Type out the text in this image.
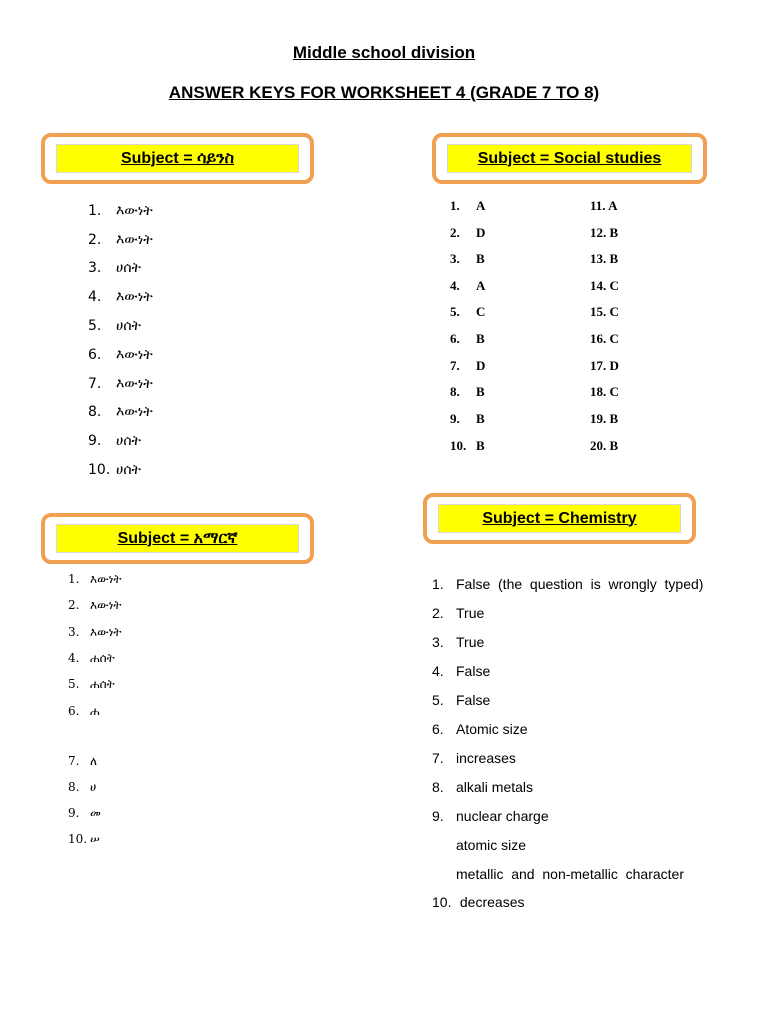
Middle school division
ANSWER KEYS FOR WORKSHEET 4 (GRADE 7 TO 8)
Subject = ሳይንስ	Subject = Social studies
Subject = አማርኛ
Subject = Chemistry
1. እውነት
2. እውነት
3. ሀሰት
4. እውነት
5. ሀሰት
6. እውነት
7. እውነት
8. እውነት
9. ሀሰት
10. ሀሰት
1. A
2. D
3. B
4. A
5. C
6. B
7. D
8. B
9. B
10. B
11. A
12. B
13. B
14. C
15. C
16. C
17. D
18. C
19. B
20. B
1. እውነት
2. እውነት
3. እውነት
4. ሐሰት
5. ሐሰት
6. ሐ
7. ለ
8. ሀ
9. መ
10. ሠ
1. False  (the  question  is  wrongly  typed)
2. True
3. True
4. False
5. False
6. Atomic size
7. increases
8. alkali metals
9. nuclear charge
atomic size
metallic  and  non-metallic  character
10. decreases
